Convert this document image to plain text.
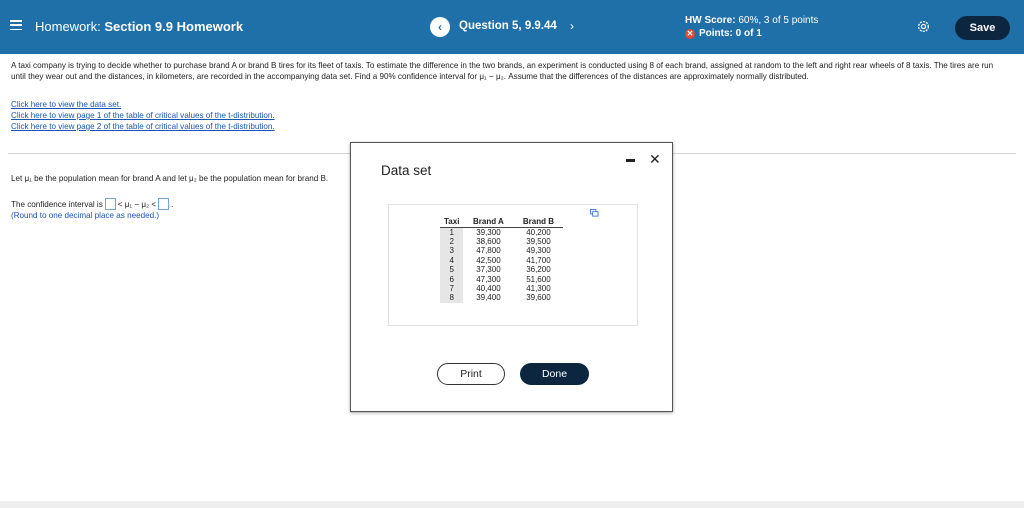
Homework: Section 9.9 Homework	‹	Question 5, 9.9.44 ›	HW Score: 60%, 3 of 5 points
✕ Points: 0 of 1	Save
A taxi company is trying to decide whether to purchase brand A or brand B tires for its fleet of taxis. To estimate the difference in the two brands, an experiment is conducted using 8 of each brand, assigned at random to the left and right rear wheels of 8 taxis. The tires are run until they wear out and the distances, in kilometers, are recorded in the accompanying data set. Find a 90% confidence interval for μ₁ − μ₂. Assume that the differences of the distances are approximately normally distributed.
Click here to view the data set.
Click here to view page 1 of the table of critical values of the t-distribution.
Click here to view page 2 of the table of critical values of the t-distribution.
Let μ₁ be the population mean for brand A and let μ₂ be the population mean for brand B.
The confidence interval is < μ₁ − μ₂ < .
(Round to one decimal place as needed.)
Data set
✕
Taxi	Brand A	Brand B
1	39,300	40,200
2	38,600	39,500
3	47,800	49,300
4	42,500	41,700
5	37,300	36,200
6	47,300	51,600
7	40,400	41,300
8	39,400	39,600
Print	Done
